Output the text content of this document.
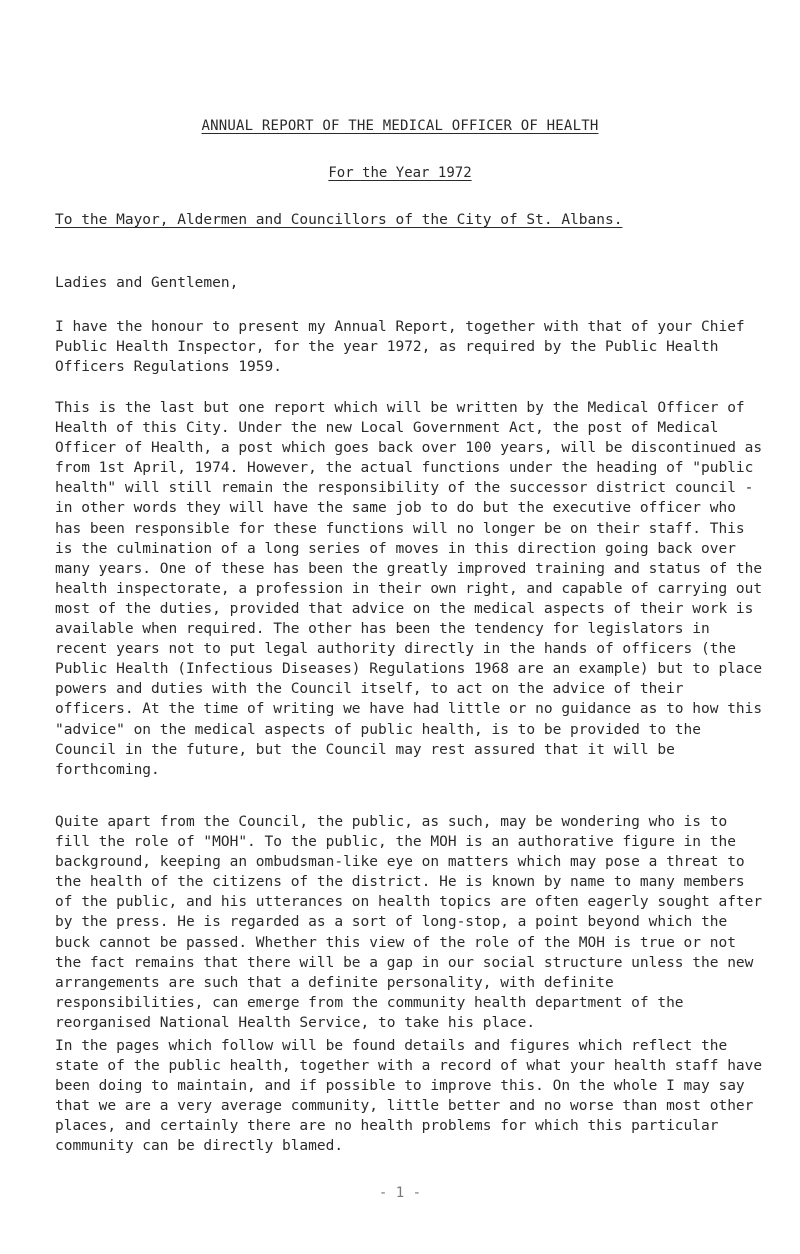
ANNUAL REPORT OF THE MEDICAL OFFICER OF HEALTH
For the Year 1972
To the Mayor, Aldermen and Councillors of the City of St. Albans.
Ladies and Gentlemen,

I have the honour to present my Annual Report, together with that of your Chief Public Health Inspector, for the year 1972, as required by the Public Health Officers Regulations 1959.

This is the last but one report which will be written by the Medical Officer of Health of this City. Under the new Local Government Act, the post of Medical Officer of Health, a post which goes back over 100 years, will be discontinued as from 1st April, 1974. However, the actual functions under the heading of "public health" will still remain the responsibility of the successor district council - in other words they will have the same job to do but the executive officer who has been responsible for these functions will no longer be on their staff. This is the culmination of a long series of moves in this direction going back over many years. One of these has been the greatly improved training and status of the health inspectorate, a profession in their own right, and capable of carrying out most of the duties, provided that advice on the medical aspects of their work is available when required. The other has been the tendency for legislators in recent years not to put legal authority directly in the hands of officers (the Public Health (Infectious Diseases) Regulations 1968 are an example) but to place powers and duties with the Council itself, to act on the advice of their officers. At the time of writing we have had little or no guidance as to how this "advice" on the medical aspects of public health, is to be provided to the Council in the future, but the Council may rest assured that it will be forthcoming.

Quite apart from the Council, the public, as such, may be wondering who is to fill the role of "MOH". To the public, the MOH is an authorative figure in the background, keeping an ombudsman-like eye on matters which may pose a threat to the health of the citizens of the district. He is known by name to many members of the public, and his utterances on health topics are often eagerly sought after by the press. He is regarded as a sort of long-stop, a point beyond which the buck cannot be passed. Whether this view of the role of the MOH is true or not the fact remains that there will be a gap in our social structure unless the new arrangements are such that a definite personality, with definite responsibilities, can emerge from the community health department of the reorganised National Health Service, to take his place.

In the pages which follow will be found details and figures which reflect the state of the public health, together with a record of what your health staff have been doing to maintain, and if possible to improve this. On the whole I may say that we are a very average community, little better and no worse than most other places, and certainly there are no health problems for which this particular community can be directly blamed.

- 1 -
